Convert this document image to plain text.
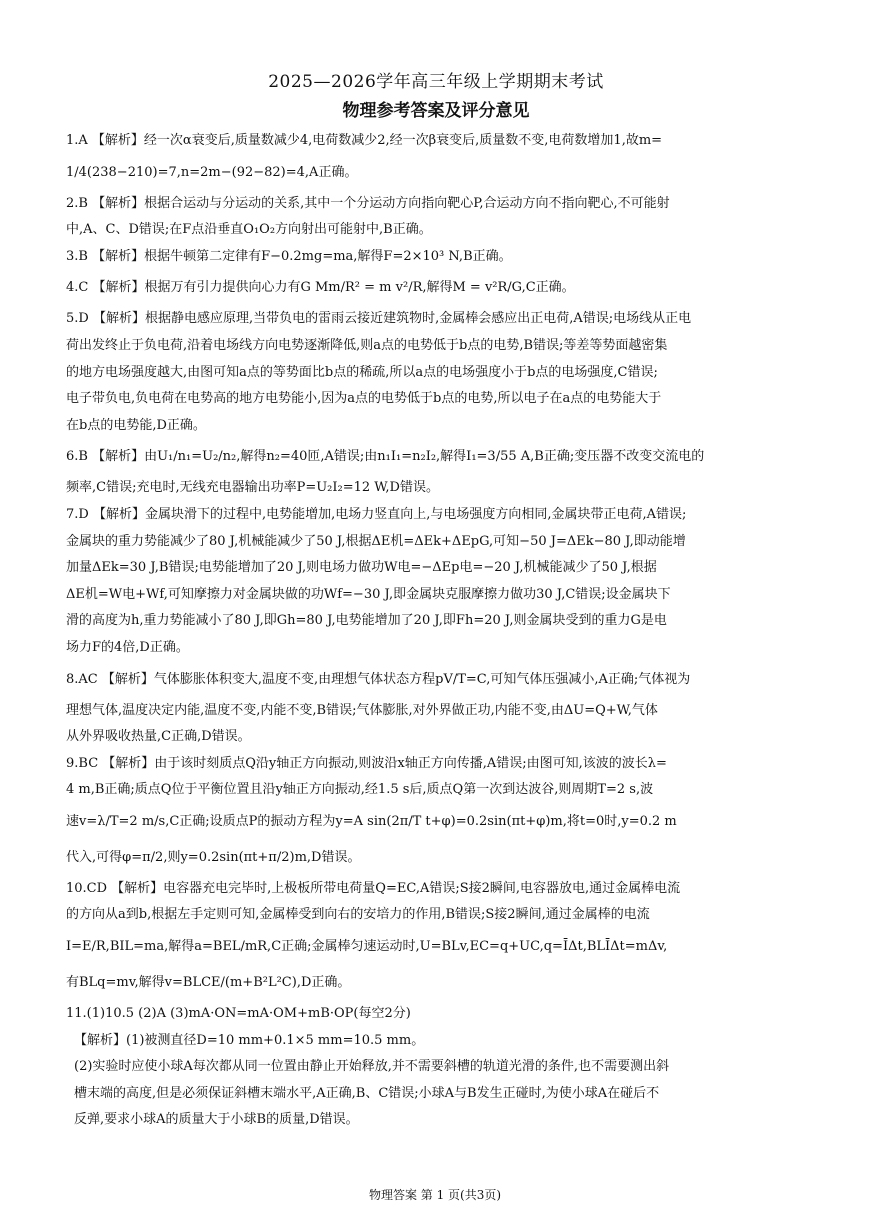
2025—2026学年高三年级上学期期末考试
物理参考答案及评分意见
1.A 【解析】经一次α衰变后,质量数减少4,电荷数减少2,经一次β衰变后,质量数不变,电荷数增加1,故m=
1/4(238−210)=7,n=2m−(92−82)=4,A正确。
2.B 【解析】根据合运动与分运动的关系,其中一个分运动方向指向靶心P,合运动方向不指向靶心,不可能射
中,A、C、D错误;在F点沿垂直O₁O₂方向射出可能射中,B正确。
3.B 【解析】根据牛顿第二定律有F−0.2mg=ma,解得F=2×10³ N,B正确。
4.C 【解析】根据万有引力提供向心力有G Mm/R² = m v²/R,解得M = v²R/G,C正确。
5.D 【解析】根据静电感应原理,当带负电的雷雨云接近建筑物时,金属棒会感应出正电荷,A错误;电场线从正电
荷出发终止于负电荷,沿着电场线方向电势逐渐降低,则a点的电势低于b点的电势,B错误;等差等势面越密集
的地方电场强度越大,由图可知a点的等势面比b点的稀疏,所以a点的电场强度小于b点的电场强度,C错误;
电子带负电,负电荷在电势高的地方电势能小,因为a点的电势低于b点的电势,所以电子在a点的电势能大于
在b点的电势能,D正确。
6.B 【解析】由U₁/n₁=U₂/n₂,解得n₂=40匝,A错误;由n₁I₁=n₂I₂,解得I₁=3/55 A,B正确;变压器不改变交流电的
频率,C错误;充电时,无线充电器输出功率P=U₂I₂=12 W,D错误。
7.D 【解析】金属块滑下的过程中,电势能增加,电场力竖直向上,与电场强度方向相同,金属块带正电荷,A错误;
金属块的重力势能减少了80 J,机械能减少了50 J,根据ΔE机=ΔEk+ΔEpG,可知−50 J=ΔEk−80 J,即动能增
加量ΔEk=30 J,B错误;电势能增加了20 J,则电场力做功W电=−ΔEp电=−20 J,机械能减少了50 J,根据
ΔE机=W电+Wf,可知摩擦力对金属块做的功Wf=−30 J,即金属块克服摩擦力做功30 J,C错误;设金属块下
滑的高度为h,重力势能减小了80 J,即Gh=80 J,电势能增加了20 J,即Fh=20 J,则金属块受到的重力G是电
场力F的4倍,D正确。
8.AC 【解析】气体膨胀体积变大,温度不变,由理想气体状态方程pV/T=C,可知气体压强减小,A正确;气体视为
理想气体,温度决定内能,温度不变,内能不变,B错误;气体膨胀,对外界做正功,内能不变,由ΔU=Q+W,气体
从外界吸收热量,C正确,D错误。
9.BC 【解析】由于该时刻质点Q沿y轴正方向振动,则波沿x轴正方向传播,A错误;由图可知,该波的波长λ=
4 m,B正确;质点Q位于平衡位置且沿y轴正方向振动,经1.5 s后,质点Q第一次到达波谷,则周期T=2 s,波
速v=λ/T=2 m/s,C正确;设质点P的振动方程为y=A sin(2π/T t+φ)=0.2sin(πt+φ)m,将t=0时,y=0.2 m
代入,可得φ=π/2,则y=0.2sin(πt+π/2)m,D错误。
10.CD 【解析】电容器充电完毕时,上极板所带电荷量Q=EC,A错误;S接2瞬间,电容器放电,通过金属棒电流
的方向从a到b,根据左手定则可知,金属棒受到向右的安培力的作用,B错误;S接2瞬间,通过金属棒的电流
I=E/R,BIL=ma,解得a=BEL/mR,C正确;金属棒匀速运动时,U=BLv,EC=q+UC,q=ĪΔt,BLĪΔt=mΔv,
有BLq=mv,解得v=BLCE/(m+B²L²C),D正确。
11.(1)10.5 (2)A (3)mA·ON=mA·OM+mB·OP(每空2分)
【解析】(1)被测直径D=10 mm+0.1×5 mm=10.5 mm。
(2)实验时应使小球A每次都从同一位置由静止开始释放,并不需要斜槽的轨道光滑的条件,也不需要测出斜
槽末端的高度,但是必须保证斜槽末端水平,A正确,B、C错误;小球A与B发生正碰时,为使小球A在碰后不
反弹,要求小球A的质量大于小球B的质量,D错误。
物理答案 第 1 页(共3页)
